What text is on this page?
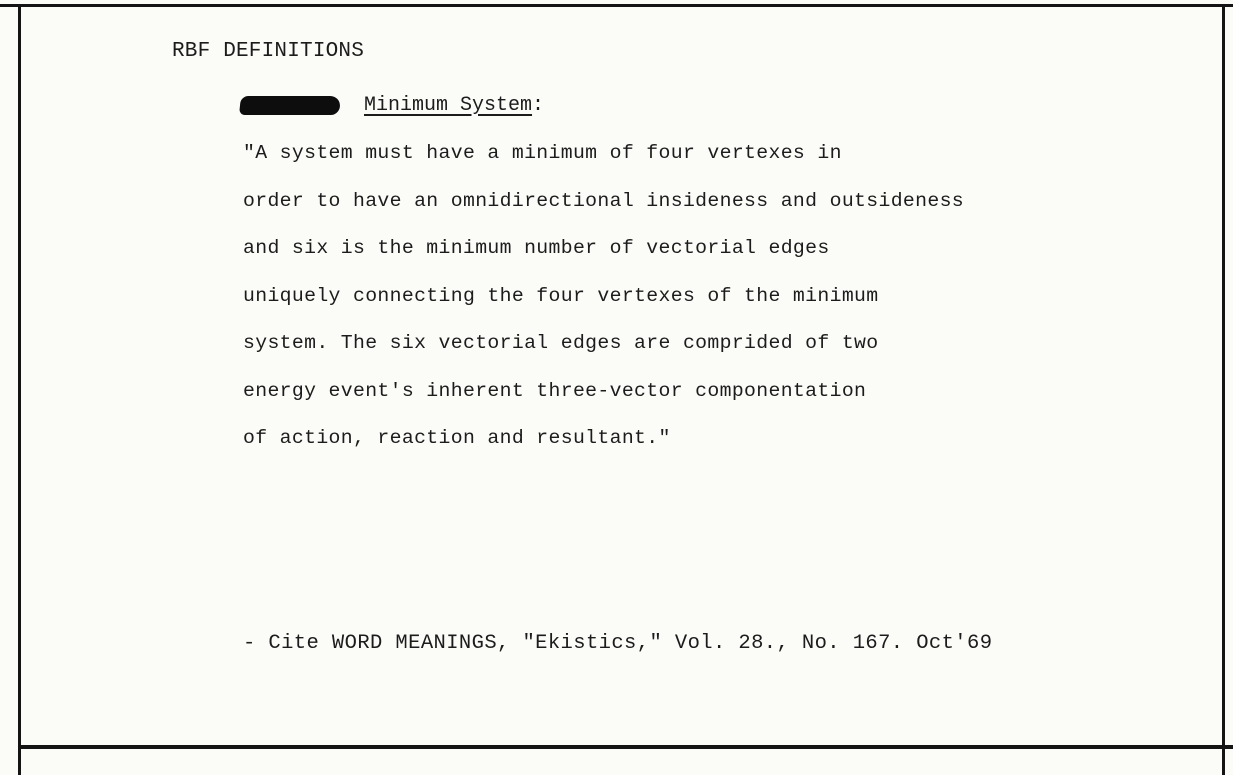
RBF DEFINITIONS
Minimum System :
"A system must have a minimum of four vertexes in
order to have an omnidirectional insideness and outsideness
and six is the minimum number of vectorial edges
uniquely connecting the four vertexes of the minimum
system. The six vectorial edges are comprided of two
energy event's inherent three-vector componentation
of action, reaction and resultant."
- Cite WORD MEANINGS, "Ekistics," Vol. 28., No. 167. Oct'69
